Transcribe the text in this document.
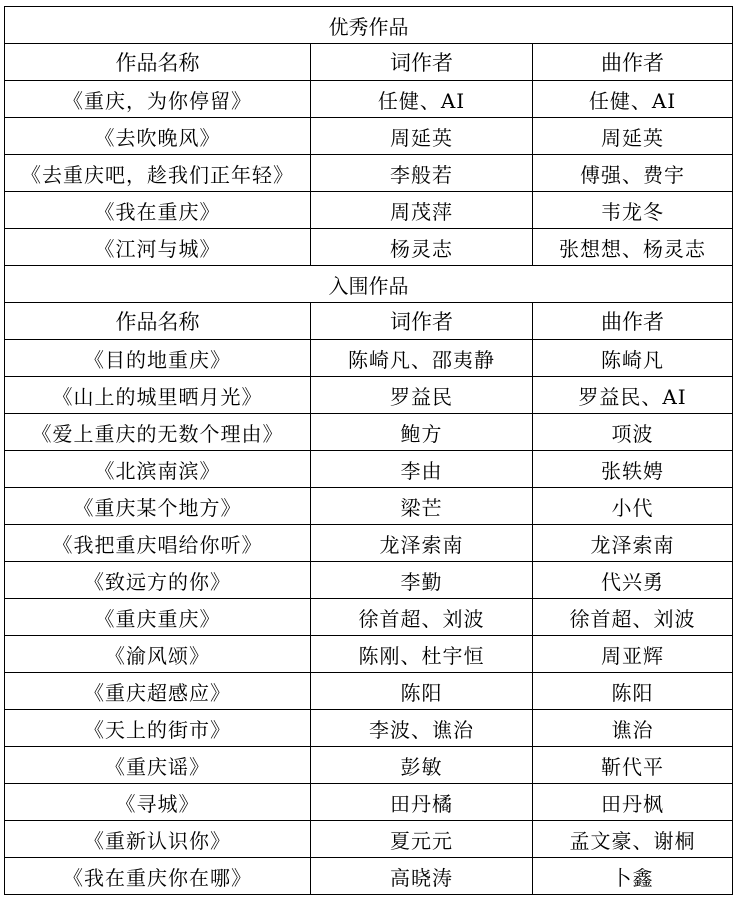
优秀作品		
作品名称	词作者	曲作者
《重庆，为你停留》	任健、AI	任健、AI
《去吹晚风》	周延英	周延英
《去重庆吧，趁我们正年轻》	李般若	傅强、费宇
《我在重庆》	周茂萍	韦龙冬
《江河与城》	杨灵志	张想想、杨灵志
入围作品		
作品名称	词作者	曲作者
《目的地重庆》	陈崎凡、邵夷静	陈崎凡
《山上的城里晒月光》	罗益民	罗益民、AI
《爱上重庆的无数个理由》	鲍方	项波
《北滨南滨》	李由	张轶娉
《重庆某个地方》	梁芒	小代
《我把重庆唱给你听》	龙泽索南	龙泽索南
《致远方的你》	李勤	代兴勇
《重庆重庆》	徐首超、刘波	徐首超、刘波
《渝风颂》	陈刚、杜宇恒	周亚辉
《重庆超感应》	陈阳	陈阳
《天上的街市》	李波、谯治	谯治
《重庆谣》	彭敏	靳代平
《寻城》	田丹橘	田丹枫
《重新认识你》	夏元元	孟文豪、谢桐
《我在重庆你在哪》	高晓涛	卜鑫
